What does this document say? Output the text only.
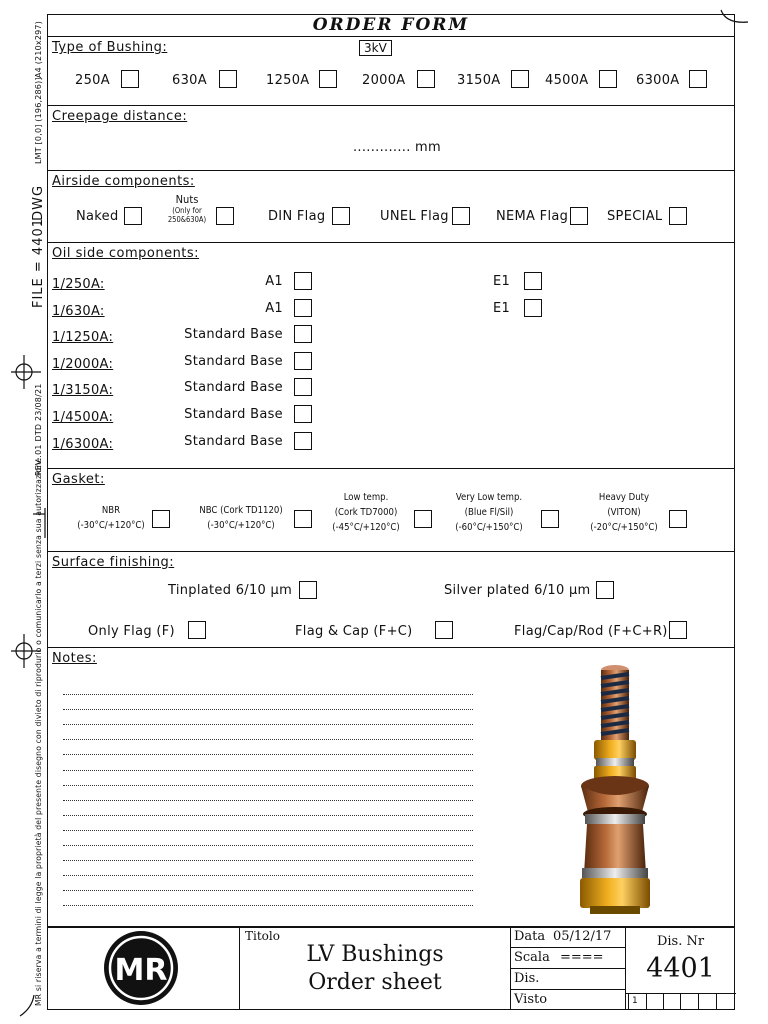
A4 (210x297)
LMT [0,0] (196,286)]
.DWG
FILE = 4401
REV. 01 DTD 23/08/21
MR si riserva a termini di legge la proprietà del presente disegno con divieto di riprodurlo o comunicarlo a terzi senza sua autorizzazione.
ORDER FORM
Type of Bushing:	3kV
250A	630A	1250A	2000A	3150A	4500A	6300A
Creepage distance:
............. mm
Airside components:
Naked
Nuts
(Only for 250&630A)	DIN Flag	UNEL Flag	NEMA Flag	SPECIAL
Oil side components:
1/250A:	A1	E1
1/630A:	A1	E1
1/1250A:	Standard Base
1/2000A:	Standard Base
1/3150A:	Standard Base
1/4500A:	Standard Base
1/6300A:	Standard Base
Gasket:
NBR
(-30°C/+120°C)
NBC (Cork TD1120)
(-30°C/+120°C)
Low temp.
(Cork TD7000)
(-45°C/+120°C)
Very Low temp.
(Blue Fl/Sil)
(-60°C/+150°C)
Heavy Duty
(VITON)
(-20°C/+150°C)
Surface finishing:
Tinplated 6/10 µm	Silver plated 6/10 µm
Only Flag (F)	Flag & Cap (F+C)	Flag/Cap/Rod (F+C+R)
Notes:
MR
Titolo
LV Bushings
Order sheet
Data 05/12/17
Scala ====
Dis.
Visto
Dis. Nr
4401
1
